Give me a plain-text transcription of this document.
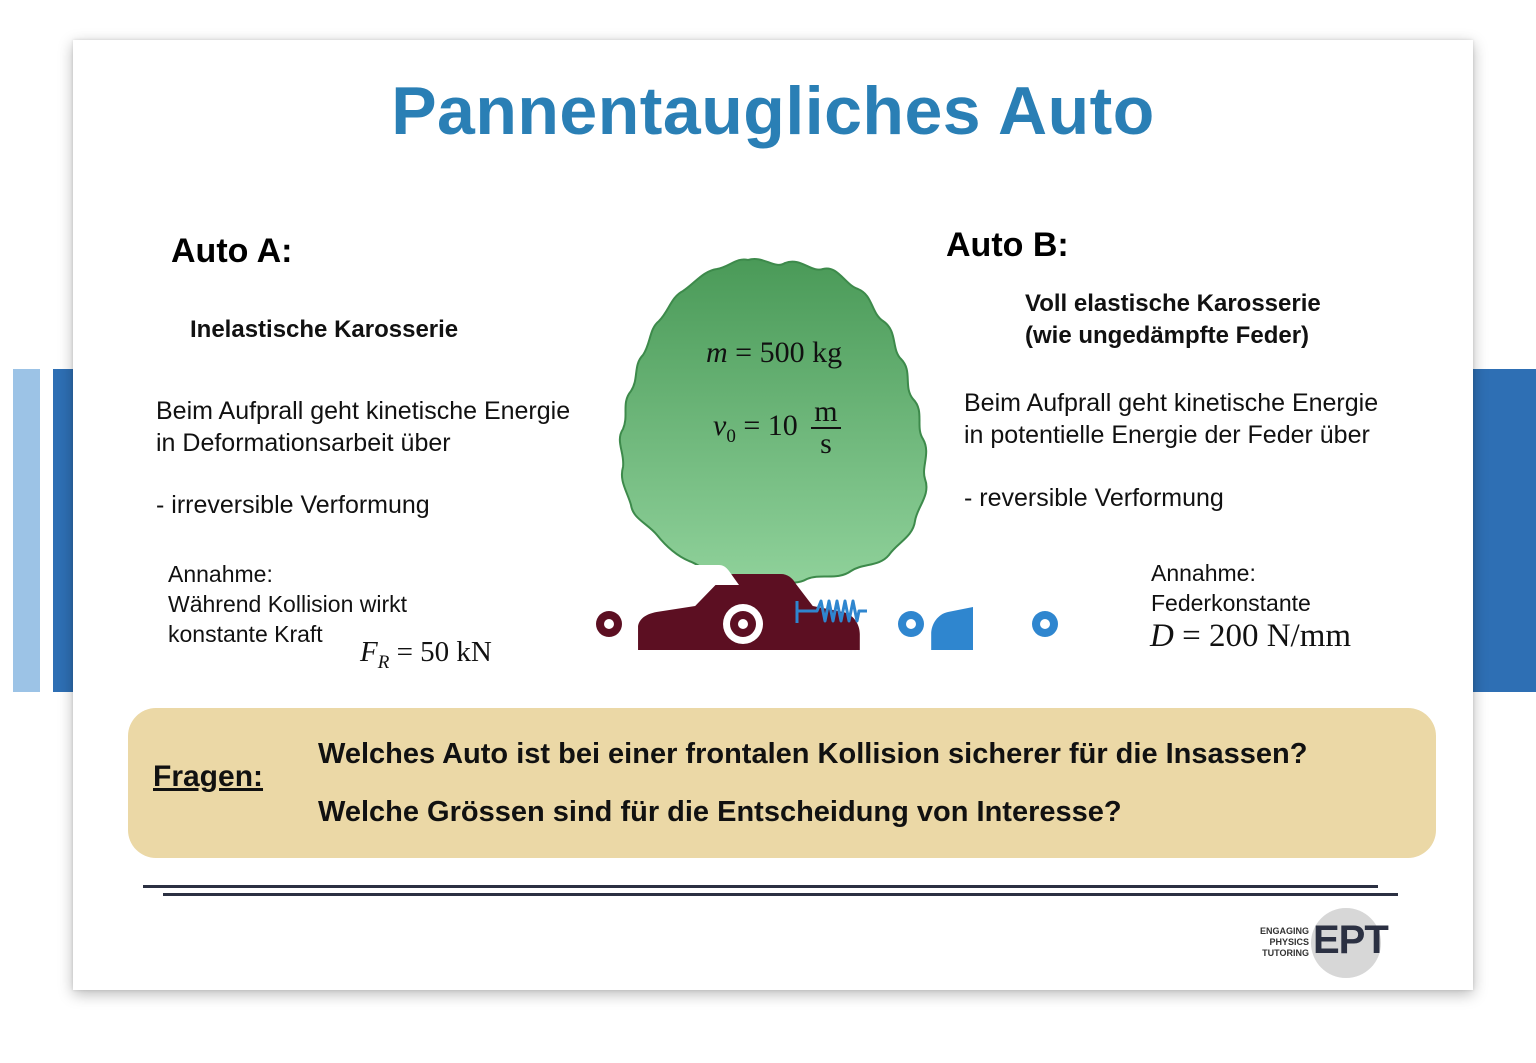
Pannentaugliches Auto
Auto A:
Inelastische Karosserie
Beim Aufprall geht kinetische Energie
in Deformationsarbeit über
- irreversible Verformung
Annahme:
Während Kollision wirkt
konstante Kraft
$F_R = 50$ kN
Auto B:
Voll elastische Karosserie
(wie ungedämpfte Feder)
Beim Aufprall geht kinetische Energie
in potentielle Energie der Feder über
- reversible Verformung
Annahme:
Federkonstante
D = 200 N/mm
m = 500 kg
$v_0 = 10 \frac{m}{s}$
Fragen:
Welches Auto ist bei einer frontalen Kollision sicherer für die Insassen?
Welche Grössen sind für die Entscheidung von Interesse?
ENGAGING
PHYSICS
TUTORING EPT
